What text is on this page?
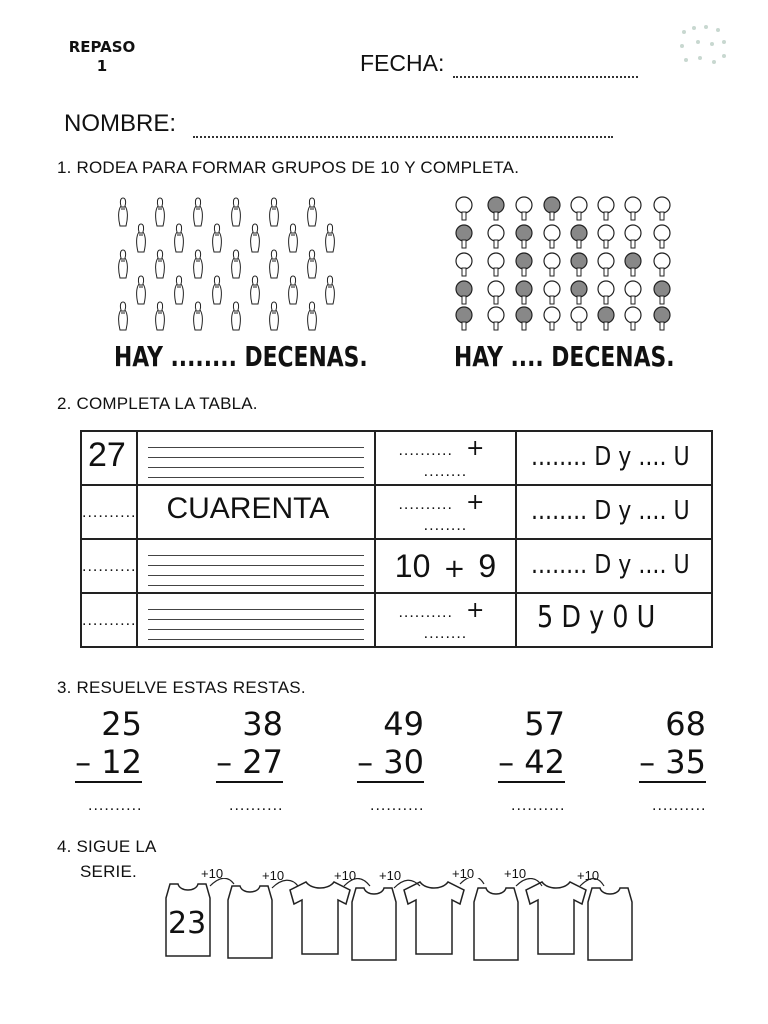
REPASO
1	FECHA:
NOMBRE:
1. RODEA PARA FORMAR GRUPOS DE 10 Y COMPLETA.
HAY ........ DECENAS.	HAY .... DECENAS.
2. COMPLETA LA TABLA.
27		.......... + ........	........ D y .... U

..........	CUARENTA	.......... + ........	........ D y .... U

..........		10 + 9	........ D y .... U

..........		.......... + ........	5 D y 0 U
3. RESUELVE ESTAS RESTAS.
25
– 12
..........
38
– 27
..........
49
– 30
..........
57
– 42
..........
68
– 35
..........
4. SIGUE LA
SERIE.	+10	+10	+10 +10	+10 +10	+10
23
